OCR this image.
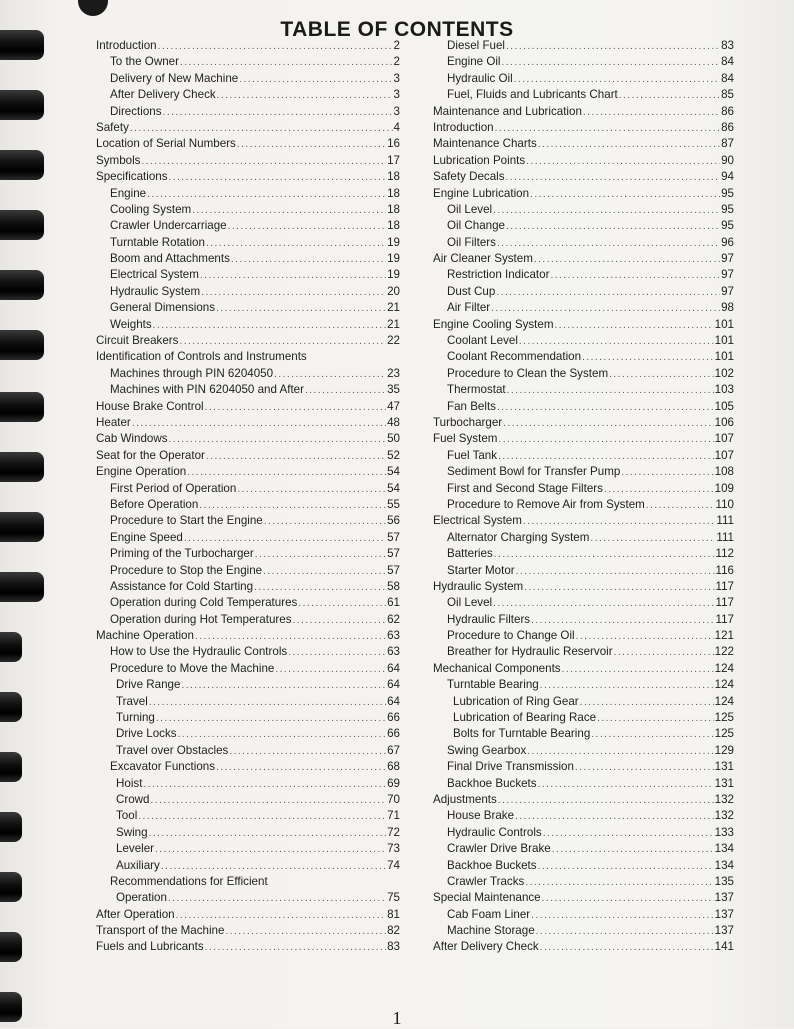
TABLE OF CONTENTS
Introduction .....	2
To the Owner .....	2
Delivery of New Machine .....	3
After Delivery Check .....	3
Directions .....	3
Safety .....	4
Location of Serial Numbers .....	16
Symbols .....	17
Specifications .....	18
Engine .....	18
Cooling System .....	18
Crawler Undercarriage .....	18
Turntable Rotation .....	19
Boom and Attachments .....	19
Electrical System .....	19
Hydraulic System .....	20
General Dimensions .....	21
Weights .....	21
Circuit Breakers .....	22
Identification of Controls and Instruments
Machines through PIN 6204050 .....	23
Machines with PIN 6204050 and After .....	35
House Brake Control .....	47
Heater .....	48
Cab Windows .....	50
Seat for the Operator .....	52
Engine Operation .....	54
First Period of Operation .....	54
Before Operation .....	55
Procedure to Start the Engine .....	56
Engine Speed .....	57
Priming of the Turbocharger .....	57
Procedure to Stop the Engine .....	57
Assistance for Cold Starting .....	58
Operation during Cold Temperatures .....	61
Operation during Hot Temperatures .....	62
Machine Operation .....	63
How to Use the Hydraulic Controls .....	63
Procedure to Move the Machine .....	64
Drive Range .....	64
Travel .....	64
Turning .....	66
Drive Locks .....	66
Travel over Obstacles .....	67
Excavator Functions .....	68
Hoist .....	69
Crowd .....	70
Tool .....	71
Swing .....	72
Leveler .....	73
Auxiliary .....	74
Recommendations for Efficient
Operation .....	75
After Operation .....	81
Transport of the Machine .....	82
Fuels and Lubricants .....	83
Diesel Fuel .....	83
Engine Oil .....	84
Hydraulic Oil .....	84
Fuel, Fluids and Lubricants Chart .....	85
Maintenance and Lubrication .....	86
Introduction .....	86
Maintenance Charts .....	87
Lubrication Points .....	90
Safety Decals .....	94
Engine Lubrication .....	95
Oil Level .....	95
Oil Change .....	95
Oil Filters .....	96
Air Cleaner System .....	97
Restriction Indicator .....	97
Dust Cup .....	97
Air Filter .....	98
Engine Cooling System .....	101
Coolant Level .....	101
Coolant Recommendation .....	101
Procedure to Clean the System .....	102
Thermostat .....	103
Fan Belts .....	105
Turbocharger .....	106
Fuel System .....	107
Fuel Tank .....	107
Sediment Bowl for Transfer Pump .....	108
First and Second Stage Filters .....	109
Procedure to Remove Air from System .....	110
Electrical System .....	111
Alternator Charging System .....	111
Batteries .....	112
Starter Motor .....	116
Hydraulic System .....	117
Oil Level .....	117
Hydraulic Filters .....	117
Procedure to Change Oil .....	121
Breather for Hydraulic Reservoir .....	122
Mechanical Components .....	124
Turntable Bearing .....	124
Lubrication of Ring Gear .....	124
Lubrication of Bearing Race .....	125
Bolts for Turntable Bearing .....	125
Swing Gearbox .....	129
Final Drive Transmission .....	131
Backhoe Buckets .....	131
Adjustments .....	132
House Brake .....	132
Hydraulic Controls .....	133
Crawler Drive Brake .....	134
Backhoe Buckets .....	134
Crawler Tracks .....	135
Special Maintenance .....	137
Cab Foam Liner .....	137
Machine Storage .....	137
After Delivery Check .....	141
1
